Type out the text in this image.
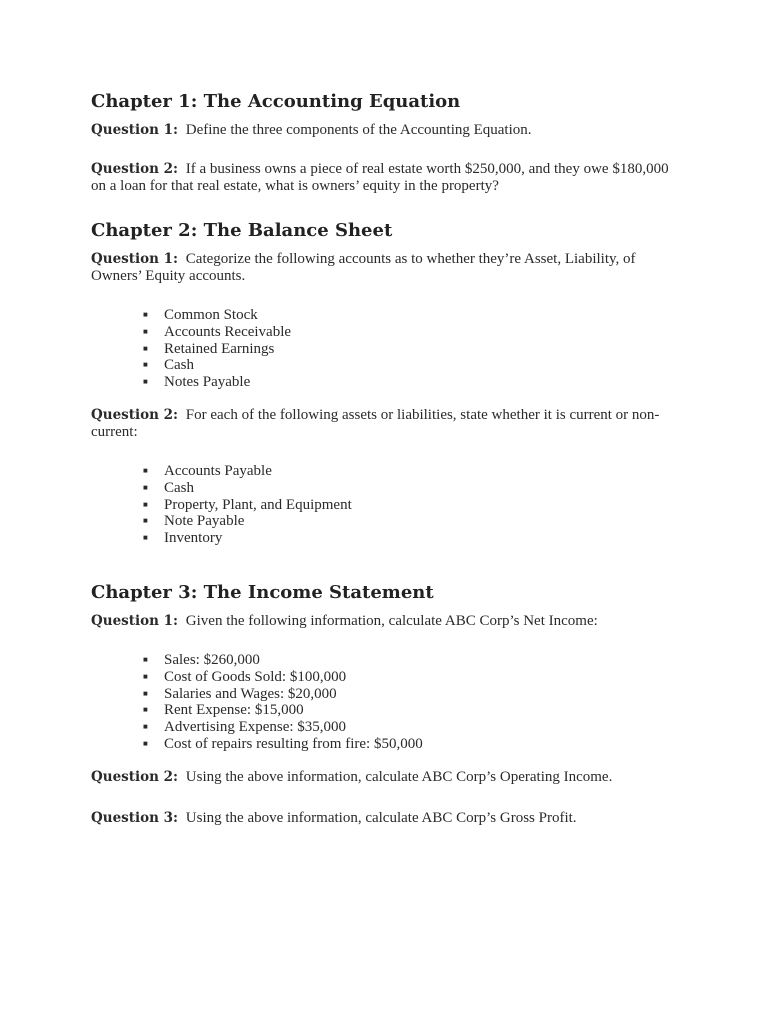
Chapter 1: The Accounting Equation

Question 1: Define the three components of the Accounting Equation.

Question 2: If a business owns a piece of real estate worth $250,000, and they owe $180,000 on a loan for that real estate, what is owners’ equity in the property?

Chapter 2: The Balance Sheet

Question 1: Categorize the following accounts as to whether they’re Asset, Liability, of Owners’ Equity accounts.

■ Common Stock
■ Accounts Receivable
■ Retained Earnings
■ Cash
■ Notes Payable

Question 2: For each of the following assets or liabilities, state whether it is current or non-current:

■ Accounts Payable
■ Cash
■ Property, Plant, and Equipment
■ Note Payable
■ Inventory
Chapter 3: The Income Statement

Question 1: Given the following information, calculate ABC Corp’s Net Income:

■ Sales: $260,000
■ Cost of Goods Sold: $100,000
■ Salaries and Wages: $20,000
■ Rent Expense: $15,000
■ Advertising Expense: $35,000
■ Cost of repairs resulting from fire: $50,000

Question 2: Using the above information, calculate ABC Corp’s Operating Income.

Question 3: Using the above information, calculate ABC Corp’s Gross Profit.
